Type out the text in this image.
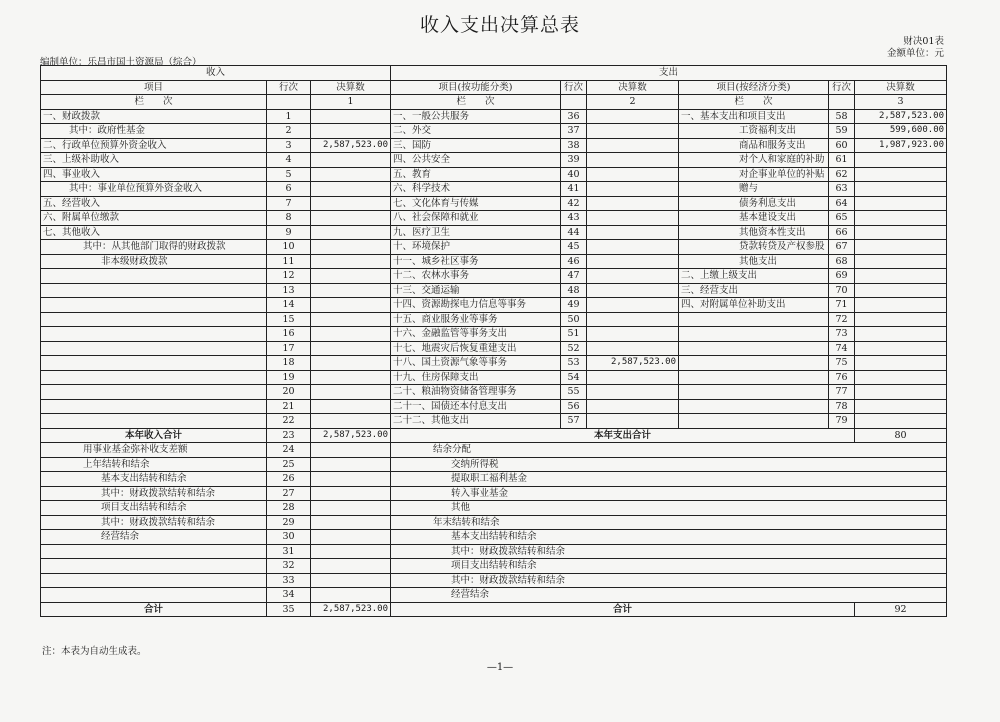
收入支出决算总表
财决01表
金额单位：元
编制单位：乐昌市国土资源局（综合）
收入			支出						
项目	行次	决算数	项目(按功能分类)	行次	决算数	项目(按经济分类)	行次	决算数	
栏　　次		1	栏　　次		2	栏　　次		3	
一、财政拨款	1		一、一般公共服务	36		一、基本支出和项目支出	58	2,587,523.00	
其中：政府性基金	2		二、外交	37		工资福利支出	59	599,600.00	
二、行政单位预算外资金收入	3	2,587,523.00	三、国防	38		商品和服务支出	60	1,987,923.00	
三、上级补助收入	4		四、公共安全	39		对个人和家庭的补助	61		
四、事业收入	5		五、教育	40		对企事业单位的补贴	62		
其中：事业单位预算外资金收入	6		六、科学技术	41		赠与	63		
五、经营收入	7		七、文化体育与传媒	42		债务利息支出	64		
六、附属单位缴款	8		八、社会保障和就业	43		基本建设支出	65		
七、其他收入	9		九、医疗卫生	44		其他资本性支出	66		
其中：从其他部门取得的财政拨款	10		十、环境保护	45		贷款转贷及产权参股	67		
非本级财政拨款	11		十一、城乡社区事务	46		其他支出	68		
	12		十二、农林水事务	47		二、上缴上级支出	69		
	13		十三、交通运输	48		三、经营支出	70		
	14		十四、资源勘探电力信息等事务	49		四、对附属单位补助支出	71		
	15		十五、商业服务业等事务	50			72		
	16		十六、金融监管等事务支出	51			73		
	17		十七、地震灾后恢复重建支出	52			74		
	18		十八、国土资源气象等事务	53	2,587,523.00		75		
	19		十九、住房保障支出	54			76		
	20		二十、粮油物资储备管理事务	55			77		
	21		二十一、国债还本付息支出	56			78		
	22		二十二、其他支出	57			79		
本年收入合计	23	2,587,523.00	本年支出合计					80	
用事业基金弥补收支差额	24		结余分配		
上年结转和结余	25		交纳所得税		
基本支出结转和结余	26		提取职工福利基金		
其中：财政拨款结转和结余	27		转入事业基金		
项目支出结转和结余	28		其他		
其中：财政拨款结转和结余	29		年末结转和结余		
经营结余	30		基本支出结转和结余		
	31		其中：财政拨款结转和结余		
	32		项目支出结转和结余		
	33		其中：财政拨款结转和结余		
	34		经营结余		
合计	35	2,587,523.00	合计					92	
注：本表为自动生成表。
—1—
